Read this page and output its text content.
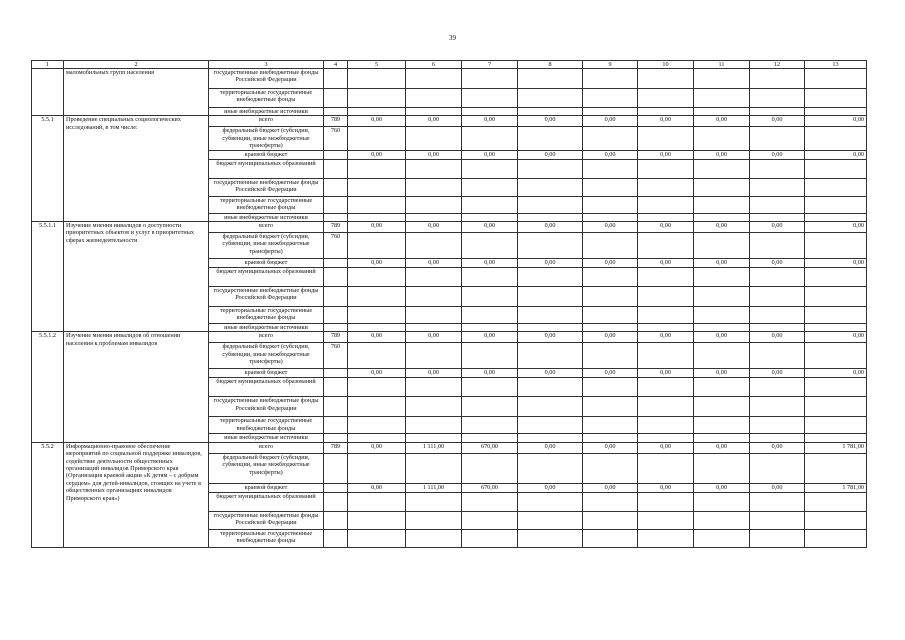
39
1	2	3	4	5	6	7	8	9	10	11	12	13
	маломобильных групп населения	государственные внебюджетные фонды Российской Федерации										
		территориальные государственные внебюджетные фонды										
		иные внебюджетные источники										
5.5.1	Проведение специальных социологических исследований, в том числе:	всего	789	0,00	0,00	0,00	0,00	0,00	0,00	0,00	0,00	0,00
		федеральный бюджет (субсидии, субвенции, иные межбюджетные трансферты)	760									
		краевой бюджет		0,00	0,00	0,00	0,00	0,00	0,00	0,00	0,00	0,00
		бюджет муниципальных образований										
		государственные внебюджетные фонды Российской Федерации										
		территориальные государственные внебюджетные фонды										
		иные внебюджетные источники										
5.5.1.1	Изучение мнения инвалидов о доступности приоритетных объектов и услуг в приоритетных сферах жизнедеятельности	всего	789	0,00	0,00	0,00	0,00	0,00	0,00	0,00	0,00	0,00
		федеральный бюджет (субсидии, субвенции, иные межбюджетные трансферты)	760									
		краевой бюджет		0,00	0,00	0,00	0,00	0,00	0,00	0,00	0,00	0,00
		бюджет муниципальных образований										
		государственные внебюджетные фонды Российской Федерации										
		территориальные государственные внебюджетные фонды										
		иные внебюджетные источники										
5.5.1.2	Изучение мнения инвалидов об отношении населения к проблемам инвалидов	всего	789	0,00	0,00	0,00	0,00	0,00	0,00	0,00	0,00	0,00
		федеральный бюджет (субсидии, субвенции, иные межбюджетные трансферты)	760									
		краевой бюджет		0,00	0,00	0,00	0,00	0,00	0,00	0,00	0,00	0,00
		бюджет муниципальных образований										
		государственные внебюджетные фонды Российской Федерации										
		территориальные государственные внебюджетные фонды										
		иные внебюджетные источники										
5.5.2	Информационно-правовое обеспечение мероприятий по социальной поддержке инвалидов, содействие деятельности общественных организаций инвалидов Приморского края (Организация краевой акции «К детям – с добрым сердцем» для детей-инвалидов, стоящих на учете в общественных организациях инвалидов Приморского края»)	всего	789	0,00	1 111,00	670,00	0,00	0,00	0,00	0,00	0,00	1 781,00
		федеральный бюджет (субсидии, субвенции, иные межбюджетные трансферты)										
		краевой бюджет		0,00	1 111,00	670,00	0,00	0,00	0,00	0,00	0,00	1 781,00
		бюджет муниципальных образований										
		государственные внебюджетные фонды Российской Федерации										
		территориальные государственные внебюджетные фонды										
